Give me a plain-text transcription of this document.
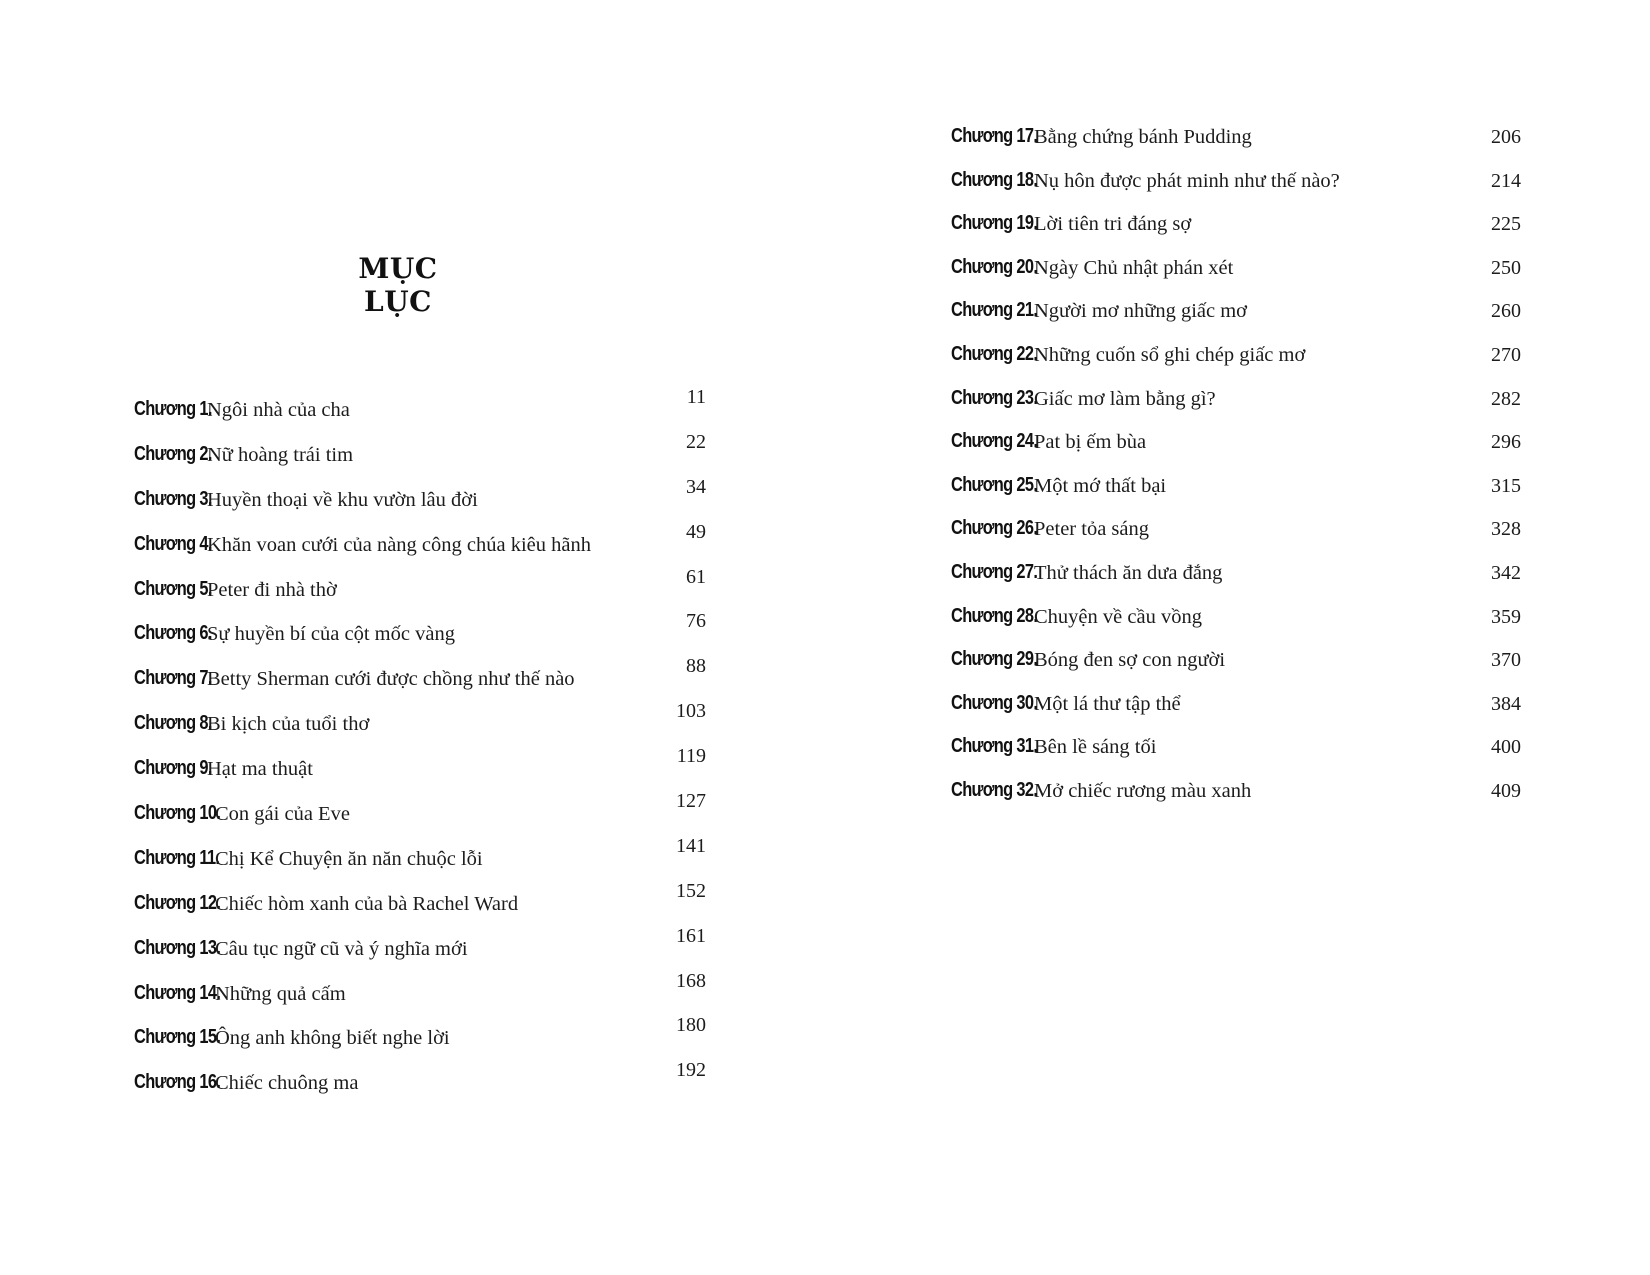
MỤC LỤC
Chương 1.
Ngôi nhà của cha
11
Chương 2.
Nữ hoàng trái tim
22
Chương 3.
Huyền thoại về khu vườn lâu đời
34
Chương 4.
Khăn voan cưới của nàng công chúa kiêu hãnh
49
Chương 5.
Peter đi nhà thờ
61
Chương 6.
Sự huyền bí của cột mốc vàng
76
Chương 7.
Betty Sherman cưới được chồng như thế nào
88
Chương 8.
Bi kịch của tuổi thơ
103
Chương 9.
Hạt ma thuật
119
Chương 10.
Con gái của Eve
127
Chương 11.
Chị Kể Chuyện ăn năn chuộc lỗi
141
Chương 12.
Chiếc hòm xanh của bà Rachel Ward
152
Chương 13.
Câu tục ngữ cũ và ý nghĩa mới
161
Chương 14.
Những quả cấm
168
Chương 15.
Ông anh không biết nghe lời
180
Chương 16.
Chiếc chuông ma
192
Chương 17.
Bằng chứng bánh Pudding	206
Chương 18.
Nụ hôn được phát minh như thế nào?	214
Chương 19.
Lời tiên tri đáng sợ	225
Chương 20.
Ngày Chủ nhật phán xét	250
Chương 21.
Người mơ những giấc mơ	260
Chương 22.
Những cuốn sổ ghi chép giấc mơ	270
Chương 23.
Giấc mơ làm bằng gì?	282
Chương 24.
Pat bị ếm bùa	296
Chương 25.
Một mớ thất bại	315
Chương 26.
Peter tỏa sáng	328
Chương 27.
Thử thách ăn dưa đắng	342
Chương 28.
Chuyện về cầu vồng	359
Chương 29.
Bóng đen sợ con người	370
Chương 30.
Một lá thư tập thể	384
Chương 31.
Bên lề sáng tối	400
Chương 32.
Mở chiếc rương màu xanh	409
